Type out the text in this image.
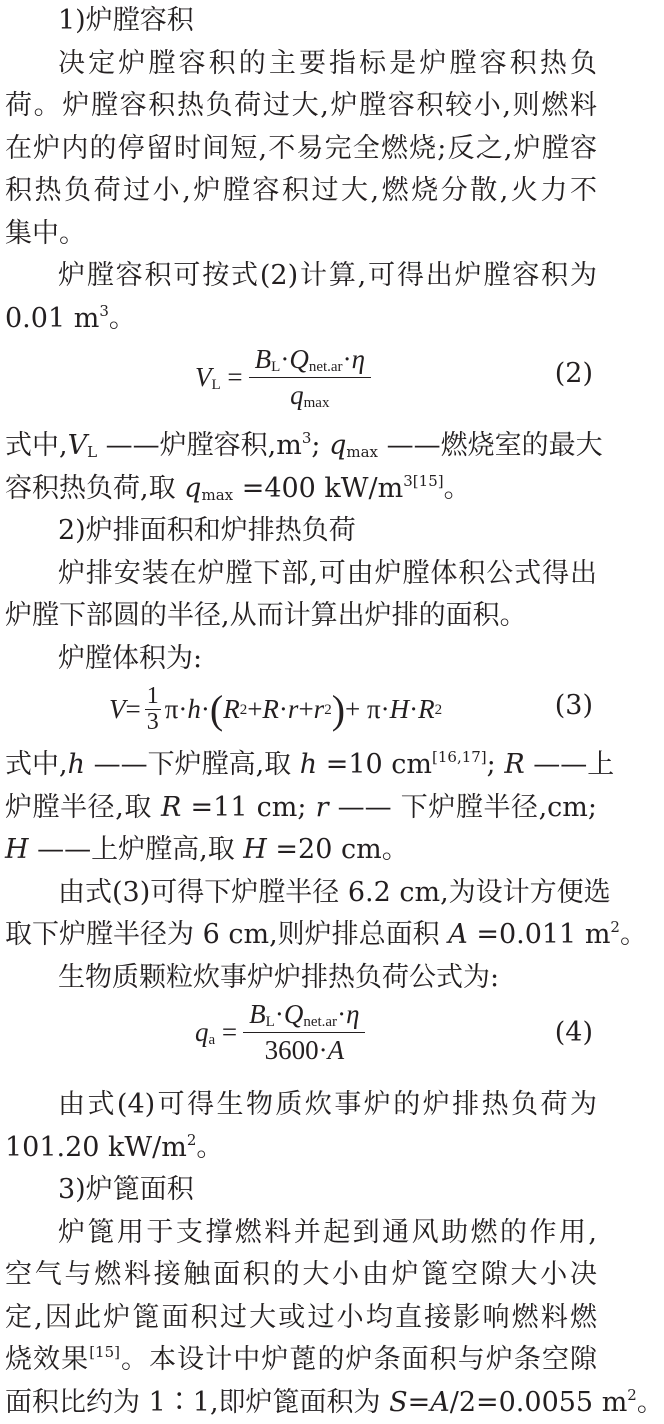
1)炉膛容积

决定炉膛容积的主要指标是炉膛容积热负

荷。炉膛容积热负荷过大,炉膛容积较小,则燃料

在炉内的停留时间短,不易完全燃烧;反之,炉膛容

积热负荷过小,炉膛容积过大,燃烧分散,火力不

集中。

炉膛容积可按式(2)计算,可得出炉膛容积为

0.01 $m^3$。

$V_L = \frac{B_L\cdot Q_{net.ar}\cdot\eta}{q_{max}}$	(2)

式中$,V_L$ ——炉膛容积$,m^3$; $q_{max}$ ——燃烧室的最大

容积热负荷,取 $q_{max} =400$ $kW/m^{3[15]}$。

2)炉排面积和炉排热负荷

炉排安装在炉膛下部,可由炉膛体积公式得出

炉膛下部圆的半径,从而计算出炉排的面积。

炉膛体积为:

$V = \frac{1}{3} \pi\cdot h$ · ( R 2 + R · r + r 2 ) + π· H · R 2	(3)

式中,h ——下炉膛高,取 h =10 cm[16,17]; R ——上

炉膛半径,取 R =11 cm; r —— 下炉膛半径,cm;

H ——上炉膛高,取 H =20 cm。

由式(3)可得下炉膛半径 6.2 cm,为设计方便选

取下炉膛半径为 6 cm,则炉排总面积 A =0.011 $m^2$。

生物质颗粒炊事炉炉排热负荷公式为:

$q_a = \frac{B_L\cdot Q_{net.ar}\cdot\eta}{3600\cdot A}$	(4)

由式(4)可得生物质炊事炉的炉排热负荷为

101.20 $kW/m^2$。

3)炉篦面积

炉篦用于支撑燃料并起到通风助燃的作用,

空气与燃料接触面积的大小由炉篦空隙大小决

定,因此炉篦面积过大或过小均直接影响燃料燃

烧效果[15]。本设计中炉蓖的炉条面积与炉条空隙

面积比约为 1∶1,即炉篦面积为 S=A/2=0.0055 $m^2$。
